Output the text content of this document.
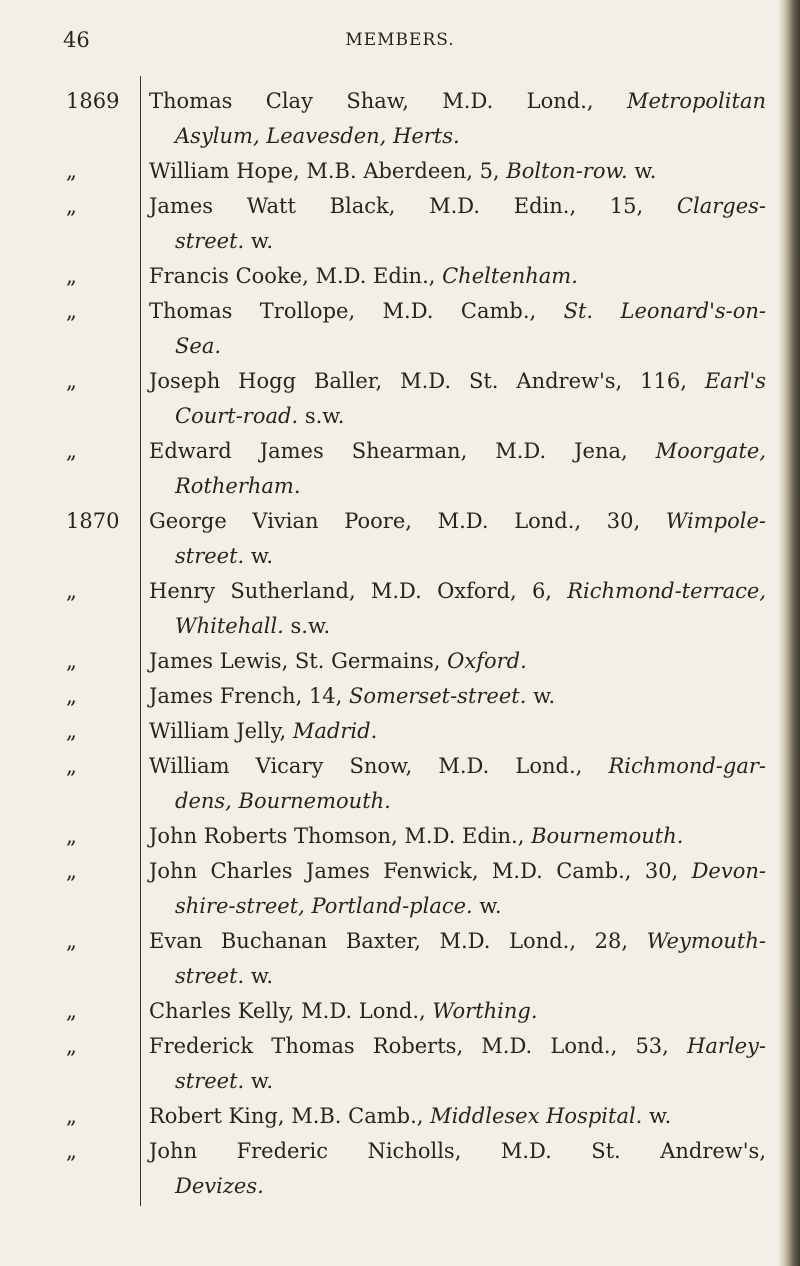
46	MEMBERS.
1869	Thomas Clay Shaw, M.D. Lond., Metropolitan
Asylum, Leavesden, Herts.
„	William Hope, M.B. Aberdeen, 5, Bolton-row. w.
„	James Watt Black, M.D. Edin., 15, Clarges-
street. w.
„	Francis Cooke, M.D. Edin., Cheltenham.
„	Thomas Trollope, M.D. Camb., St. Leonard's-on-
Sea.
„	Joseph Hogg Baller, M.D. St. Andrew's, 116, Earl's
Court-road. s.w.
„	Edward James Shearman, M.D. Jena, Moorgate,
Rotherham.
1870	George Vivian Poore, M.D. Lond., 30, Wimpole-
street. w.
„	Henry Sutherland, M.D. Oxford, 6, Richmond-terrace,
Whitehall. s.w.
„	James Lewis, St. Germains, Oxford.
„	James French, 14, Somerset-street. w.
„	William Jelly, Madrid.
„	William Vicary Snow, M.D. Lond., Richmond-gar-
dens, Bournemouth.
„	John Roberts Thomson, M.D. Edin., Bournemouth.
„	John Charles James Fenwick, M.D. Camb., 30, Devon-
shire-street, Portland-place. w.
„	Evan Buchanan Baxter, M.D. Lond., 28, Weymouth-
street. w.
„	Charles Kelly, M.D. Lond., Worthing.
„	Frederick Thomas Roberts, M.D. Lond., 53, Harley-
street. w.
„	Robert King, M.B. Camb., Middlesex Hospital. w.
„	John Frederic Nicholls, M.D. St. Andrew's,
Devizes.
